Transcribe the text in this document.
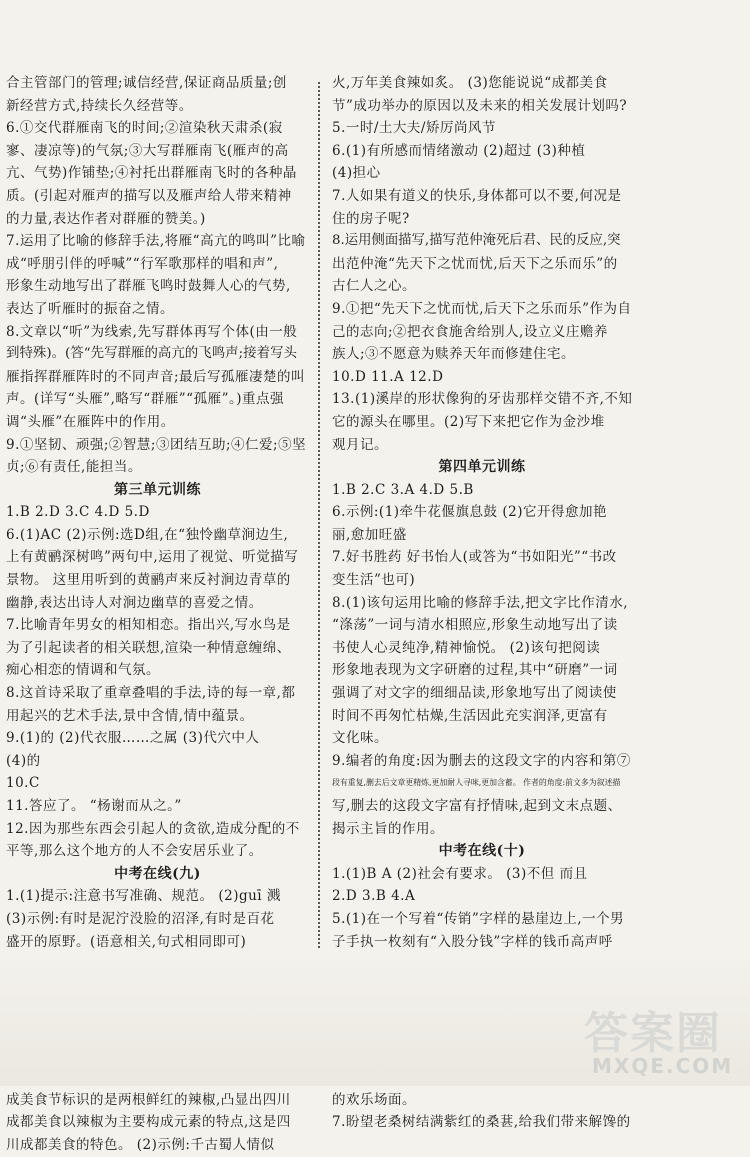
合主管部门的管理;诚信经营,保证商品质量;创
新经营方式,持续长久经营等。
6.①交代群雁南飞的时间;②渲染秋天肃杀(寂
寥、凄凉等)的气氛;③大写群雁南飞(雁声的高
亢、气势)作铺垫;④衬托出群雁南飞时的各种晶
质。(引起对雁声的描写以及雁声给人带来精神
的力量,表达作者对群雁的赞美。)
7.运用了比喻的修辞手法,将雁“高亢的鸣叫”比喻
成“呼朋引伴的呼喊”“行军歌那样的唱和声”,
形象生动地写出了群雁飞鸣时鼓舞人心的气势,
表达了听雁时的振奋之情。
8.文章以“听”为线索,先写群体再写个体(由一般
到特殊)。(答“先写群雁的高亢的飞鸣声;接着写头
雁指挥群雁阵时的不同声音;最后写孤雁凄楚的叫
声。(详写“头雁”,略写“群雁”“孤雁”。)重点强
调“头雁”在雁阵中的作用。
9.①坚韧、顽强;②智慧;③团结互助;④仁爱;⑤坚
贞;⑥有责任,能担当。
第三单元训练
1.B 2.D 3.C 4.D 5.D
6.(1)AC (2)示例:选D组,在“独怜幽草涧边生,
上有黄鹂深树鸣”两句中,运用了视觉、听觉描写
景物。 这里用听到的黄鹂声来反衬涧边青草的
幽静,表达出诗人对涧边幽草的喜爱之情。
7.比喻青年男女的相知相恋。指出兴,写水鸟是
为了引起读者的相关联想,渲染一种情意缠绵、
痴心相恋的情调和气氛。
8.这首诗采取了重章叠唱的手法,诗的每一章,都
用起兴的艺术手法,景中含情,情中蕴景。
9.(1)的 (2)代衣服……之属 (3)代穴中人
(4)的
10.C
11.答应了。 “杨谢而从之。”
12.因为那些东西会引起人的贪欲,造成分配的不
平等,那么这个地方的人不会安居乐业了。
中考在线(九)
1.(1)提示:注意书写准确、规范。 (2)guī 溅
(3)示例:有时是泥泞没脸的沼泽,有时是百花
盛开的原野。(语意相关,句式相同即可)
成美食节标识的是两根鲜红的辣椒,凸显出四川
成都美食以辣椒为主要构成元素的特点,这是四
川成都美食的特色。 (2)示例:千古蜀人情似
火,万年美食辣如炙。 (3)您能说说“成都美食
节”成功举办的原因以及未来的相关发展计划吗?
5.一时/土大夫/矫厉尚风节
6.(1)有所感而情绪激动 (2)超过 (3)种植
(4)担心
7.人如果有道义的快乐,身体都可以不要,何况是
住的房子呢?
8.运用侧面描写,描写范仲淹死后君、民的反应,突
出范仲淹“先天下之忧而忧,后天下之乐而乐”的
古仁人之心。
9.①把“先天下之忧而忧,后天下之乐而乐”作为自
己的志向;②把衣食施舍给别人,设立义庄赡养
族人;③不愿意为赎养天年而修建住宅。
10.D 11.A 12.D
13.(1)溪岸的形状像狗的牙齿那样交错不齐,不知
它的源头在哪里。(2)写下来把它作为金沙堆
观月记。
第四单元训练
1.B 2.C 3.A 4.D 5.B
6.示例:(1)牵牛花偃旗息鼓 (2)它开得愈加艳
丽,愈加旺盛
7.好书胜药 好书怡人(或答为“书如阳光”“书改
变生活”也可)
8.(1)该句运用比喻的修辞手法,把文字比作清水,
“涤荡”一词与清水相照应,形象生动地写出了读
书使人心灵纯净,精神愉悦。 (2)该句把阅读
形象地表现为文字研磨的过程,其中“研磨”一词
强调了对文字的细细品读,形象地写出了阅读使
时间不再匆忙枯燥,生活因此充实润泽,更富有
文化味。
9.编者的角度:因为删去的这段文字的内容和第⑦
段有重复,删去后文章更精炼,更加耐人寻味,更加含蓄。 作者的角度:前文多为叙述描
写,删去的这段文字富有抒情味,起到文末点题、
揭示主旨的作用。
中考在线(十)
1.(1)B A (2)社会有要求。 (3)不但 而且
2.D 3.B 4.A
5.(1)在一个写着“传销”字样的悬崖边上,一个男
子手执一枚刻有“入股分钱”字样的钱币高声呼
的欢乐场面。
7.盼望老桑树结满紫红的桑葚,给我们带来解馋的
答案圈
MXQE.COM
